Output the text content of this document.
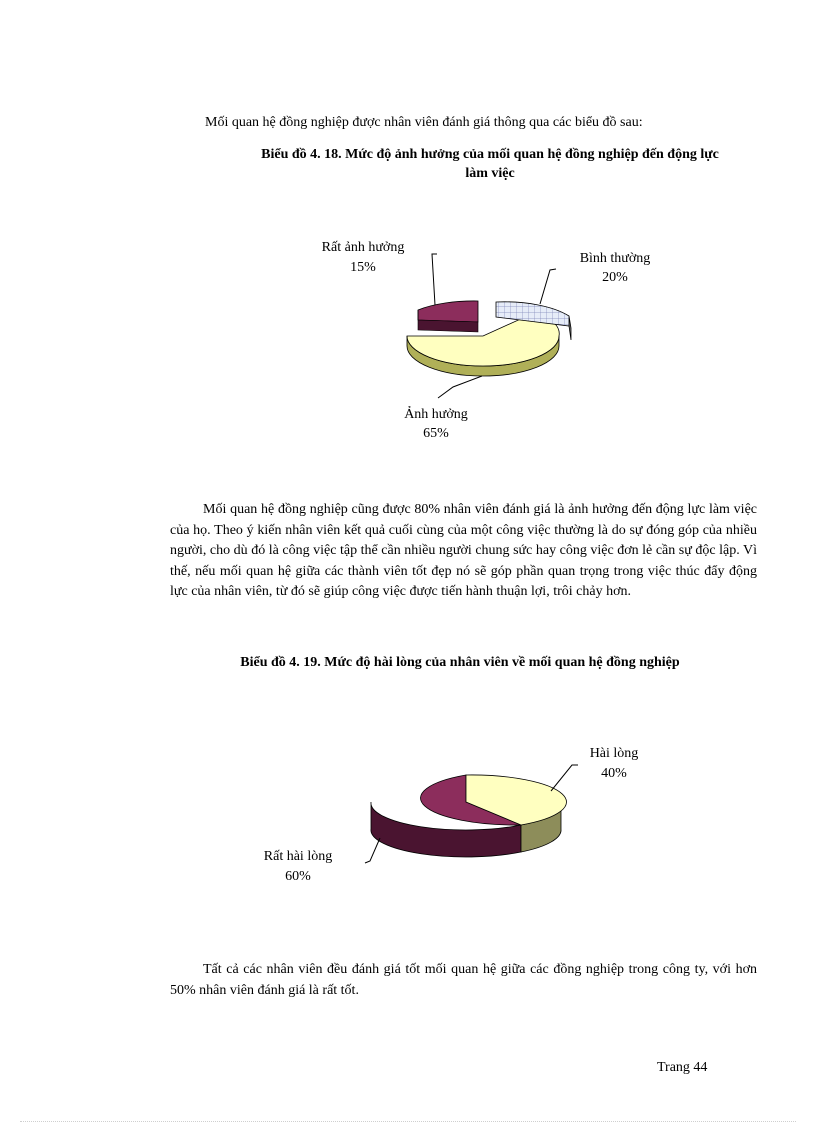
Mối quan hệ đồng nghiệp được nhân viên đánh giá thông qua các biểu đồ sau:
Biểu đồ 4. 18. Mức độ ảnh hưởng của mối quan hệ đồng nghiệp đến động lực
làm việc
Rất ảnh hưởng
15%
Bình thường
20%
Ảnh hưởng
65%
Hài lòng
40%
Rất hài lòng
60%
Mối quan hệ đồng nghiệp cũng được 80% nhân viên đánh giá là ảnh hưởng đến động lực làm việc của họ. Theo ý kiến nhân viên kết quả cuối cùng của một công việc thường là do sự đóng góp của nhiều người, cho dù đó là công việc tập thể cần nhiều người chung sức hay công việc đơn lẻ cần sự độc lập. Vì thế, nếu mối quan hệ giữa các thành viên tốt đẹp nó sẽ góp phần quan trọng trong việc thúc đẩy động lực của nhân viên, từ đó sẽ giúp công việc được tiến hành thuận lợi, trôi chảy hơn.
Biểu đồ 4. 19. Mức độ hài lòng của nhân viên về mối quan hệ đồng nghiệp
Tất cả các nhân viên đều đánh giá tốt mối quan hệ giữa các đồng nghiệp trong công ty, với hơn 50% nhân viên đánh giá là rất tốt.
Trang 44
